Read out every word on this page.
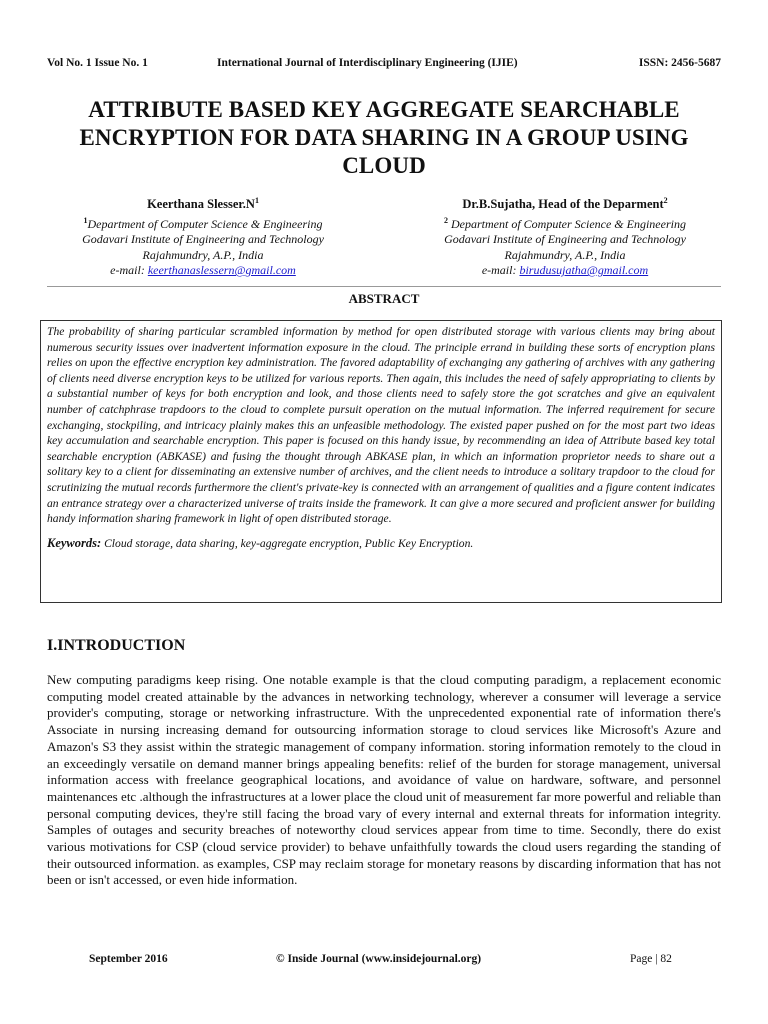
Vol No. 1 Issue No. 1	International Journal of Interdisciplinary Engineering (IJIE)	ISSN: 2456-5687
ATTRIBUTE BASED KEY AGGREGATE SEARCHABLE
ENCRYPTION FOR DATA SHARING IN A GROUP USING
CLOUD
Keerthana $Slesser.N^1$
$^1$Department of Computer Science & Engineering
Godavari Institute of Engineering and Technology
Rajahmundry, A.P., India
e-mail: keerthanaslessern@gmail.com
Dr.B.Sujatha, Head of the Deparment$^2$
$^2$ Department of Computer Science & Engineering
Godavari Institute of Engineering and Technology
Rajahmundry, A.P., India
e-mail: birudusujatha@gmail.com
ABSTRACT

The probability of sharing particular scrambled information by method for open distributed storage with various clients may bring about numerous security issues over inadvertent information exposure in the cloud. The principle errand in building these sorts of encryption plans relies on upon the effective encryption key administration. The favored adaptability of exchanging any gathering of archives with any gathering of clients need diverse encryption keys to be utilized for various reports. Then again, this includes the need of safely appropriating to clients by a substantial number of keys for both encryption and look, and those clients need to safely store the got scratches and give an equivalent number of catchphrase trapdoors to the cloud to complete pursuit operation on the mutual information. The inferred requirement for secure exchanging, stockpiling, and intricacy plainly makes this an unfeasible methodology. The existed paper pushed on for the most part two ideas key accumulation and searchable encryption. This paper is focused on this handy issue, by recommending an idea of Attribute based key total searchable encryption (ABKASE) and fusing the thought through ABKASE plan, in which an information proprietor needs to share out a solitary key to a client for disseminating an extensive number of archives, and the client needs to introduce a solitary trapdoor to the cloud for scrutinizing the mutual records furthermore the client's private-key is connected with an arrangement of qualities and a figure content indicates an entrance strategy over a characterized universe of traits inside the framework. It can give a more secured and proficient answer for building handy information sharing framework in light of open distributed storage.

Keywords: Cloud storage, data sharing, key-aggregate encryption, Public Key Encryption.
I.INTRODUCTION

New computing paradigms keep rising. One notable example is that the cloud computing paradigm, a replacement economic computing model created attainable by the advances in networking technology, wherever a consumer will leverage a service provider's computing, storage or networking infrastructure. With the unprecedented exponential rate of information there's Associate in nursing increasing demand for outsourcing information storage to cloud services like Microsoft's Azure and Amazon's S3 they assist within the strategic management of company information. storing information remotely to the cloud in an exceedingly versatile on demand manner brings appealing benefits: relief of the burden for storage management, universal information access with freelance geographical locations, and avoidance of value on hardware, software, and personnel maintenances etc .although the infrastructures at a lower place the cloud unit of measurement far more powerful and reliable than personal computing devices, they're still facing the broad vary of every internal and external threats for information integrity. Samples of outages and security breaches of noteworthy cloud services appear from time to time. Secondly, there do exist various motivations for CSP (cloud service provider) to behave unfaithfully towards the cloud users regarding the standing of their outsourced information. as examples, CSP may reclaim storage for monetary reasons by discarding information that has not been or isn't accessed, or even hide information.

September 2016	© Inside Journal (www.insidejournal.org)	Page | 82
